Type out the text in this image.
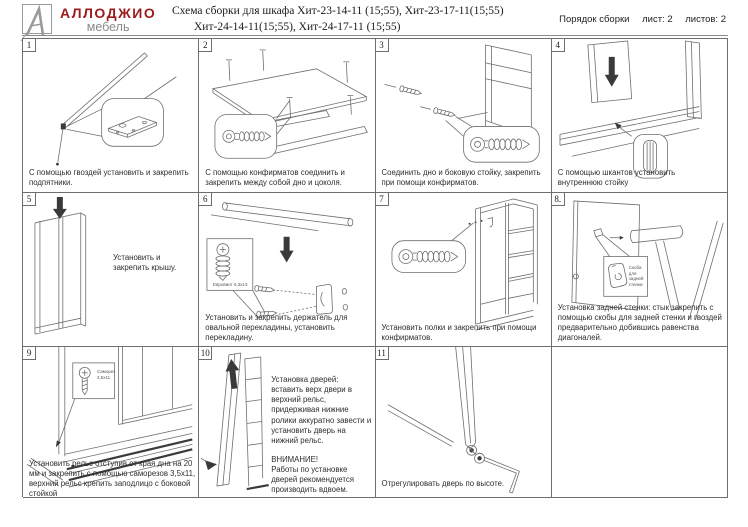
АЛЛОДЖИО
мебель
Схема сборки для шкафа Хит-23-14-11 (15;55), Хит-23-17-11(15;55)
Хит-24-14-11(15;55), Хит-24-17-11 (15;55)
Порядок сборки лист: 2 листов: 2
1
С помощью гвоздей установить и закрепить подпятники.
2
С помощью конфирматов соединить и закрепить между собой дно и цоколя.
3
Соединить дно и боковую стойку, закрепить при помощи конфирматов.
4
С помощью шкантов установить внутреннюю стойку
5
Установить и закрепить крышу.
6
Евровинт 6,3х13
Установить и закрепить держатель для овальной перекладины, установить перекладину.
7
Установить полки и закрепить при помощи конфирматов.
8.
Скоба для задней стенки
Установка задней стенки: стык закрепить с помощью скобы для задней стенки и гвоздей предварительно добившись равенства диагоналей.
9
Саморез 3,5х11
Установить рельс отступив от края дна на 20 мм и закрепить с помощью саморезов 3,5х11, верхний рельс крепить заподлицо с боковой стойкой
10
Установка дверей: вставить верх двери в верхний рельс, придерживая нижние ролики аккуратно завести и установить дверь на нижний рельс.
ВНИМАНИЕ!
Работы по установке дверей рекомендуется производить вдвоем.
11
Отрегулировать дверь по высоте.
